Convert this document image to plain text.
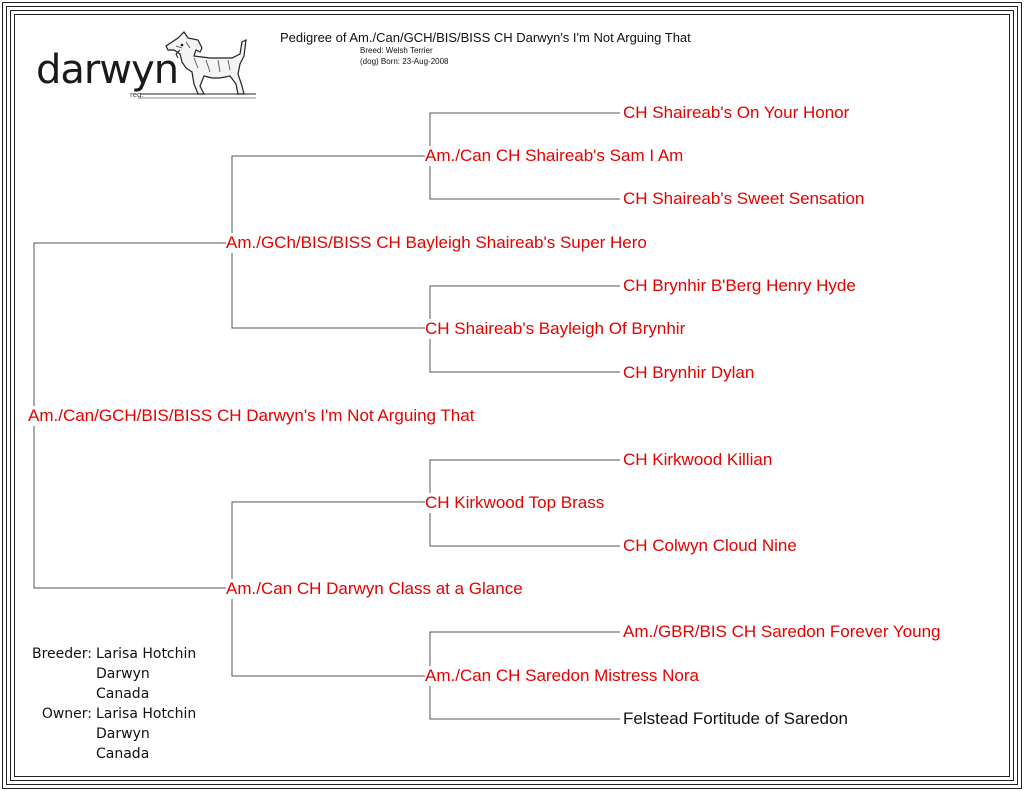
darwyn
reg.
Pedigree of Am./Can/GCH/BIS/BISS CH Darwyn's I'm Not Arguing That
Breed: Welsh Terrier
(dog) Born: 23-Aug-2008
Am./Can/GCH/BIS/BISS CH Darwyn's I'm Not Arguing That
Am./GCh/BIS/BISS CH Bayleigh Shaireab's Super Hero
Am./Can CH Darwyn Class at a Glance
Am./Can CH Shaireab's Sam I Am
CH Shaireab's Bayleigh Of Brynhir
CH Kirkwood Top Brass
Am./Can CH Saredon Mistress Nora
CH Shaireab's On Your Honor
CH Shaireab's Sweet Sensation
CH Brynhir B'Berg Henry Hyde
CH Brynhir Dylan
CH Kirkwood Killian
CH Colwyn Cloud Nine
Am./GBR/BIS CH Saredon Forever Young
Felstead Fortitude of Saredon
Breeder: Larisa Hotchin
Darwyn
Canada
Owner: Larisa Hotchin
Darwyn
Canada
